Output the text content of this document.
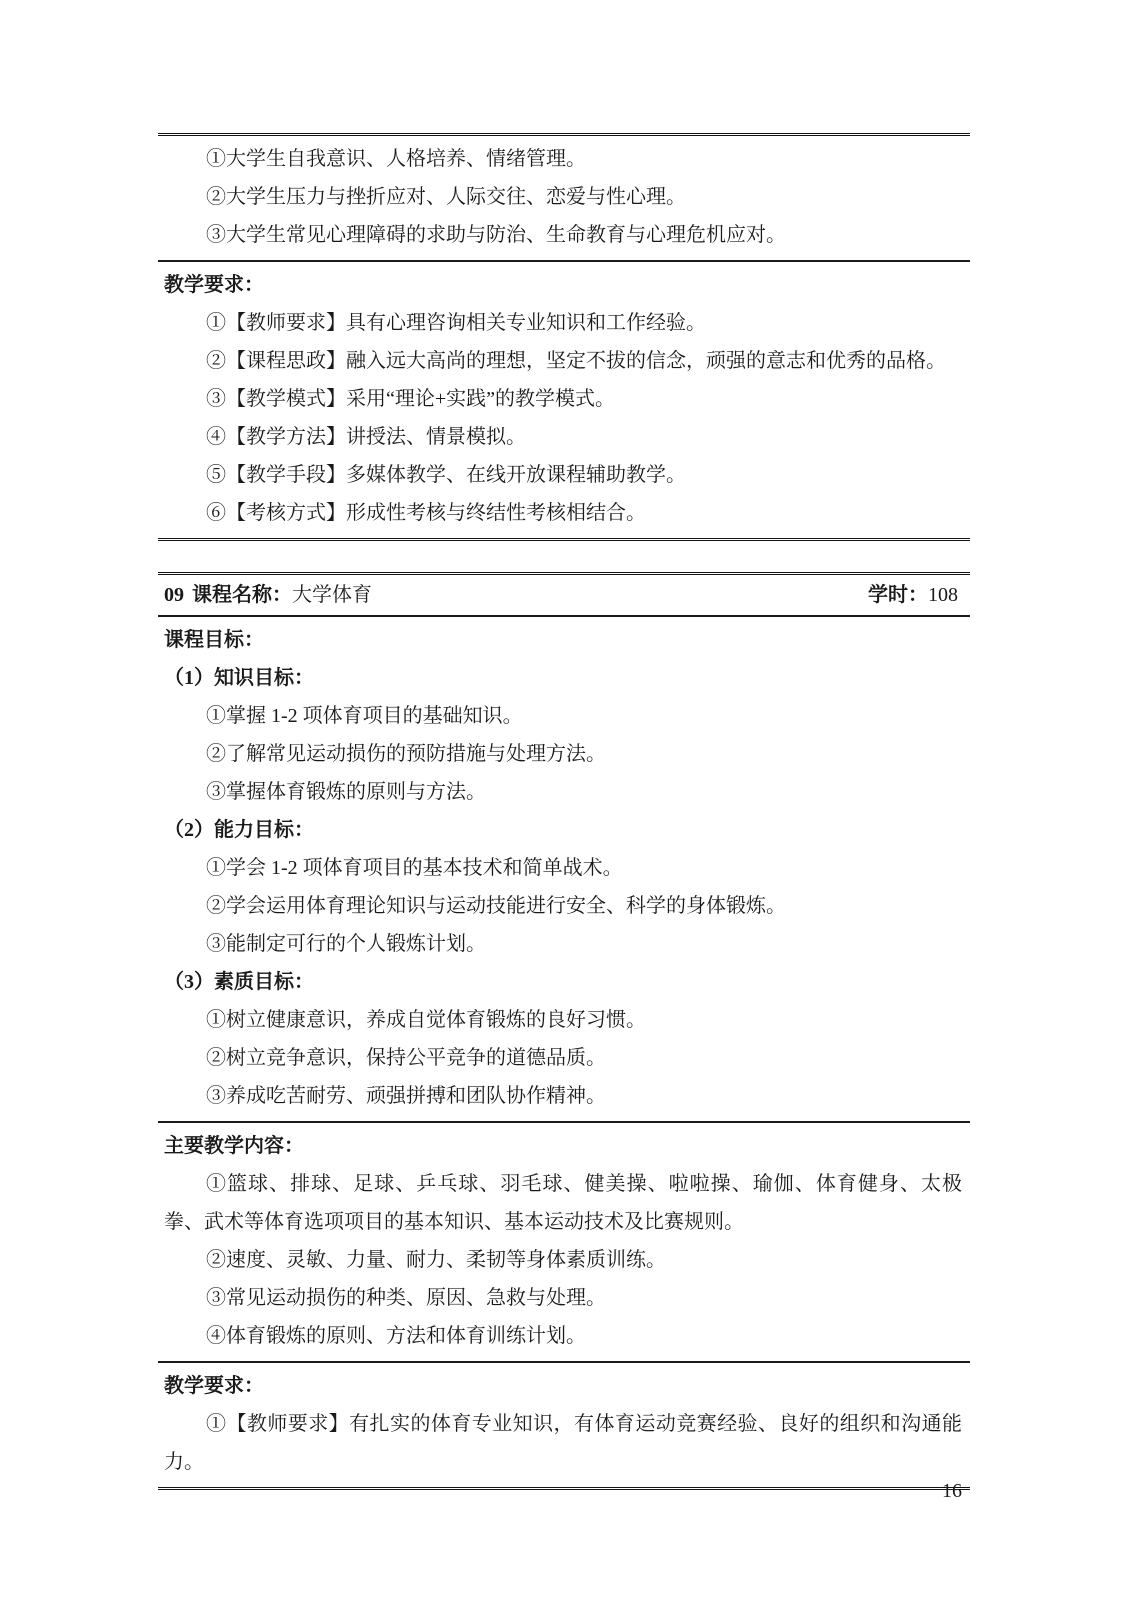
①大学生自我意识、人格培养、情绪管理。
②大学生压力与挫折应对、人际交往、恋爱与性心理。
③大学生常见心理障碍的求助与防治、生命教育与心理危机应对。
教学要求：
①【教师要求】具有心理咨询相关专业知识和工作经验。
②【课程思政】融入远大高尚的理想，坚定不拔的信念，顽强的意志和优秀的品格。
③【教学模式】采用“理论+实践”的教学模式。
④【教学方法】讲授法、情景模拟。
⑤【教学手段】多媒体教学、在线开放课程辅助教学。
⑥【考核方式】形成性考核与终结性考核相结合。
09 课程名称：大学体育	学时：108
课程目标：
（1）知识目标：
①掌握 1-2 项体育项目的基础知识。
②了解常见运动损伤的预防措施与处理方法。
③掌握体育锻炼的原则与方法。
（2）能力目标：
①学会 1-2 项体育项目的基本技术和简单战术。
②学会运用体育理论知识与运动技能进行安全、科学的身体锻炼。
③能制定可行的个人锻炼计划。
（3）素质目标：
①树立健康意识，养成自觉体育锻炼的良好习惯。
②树立竞争意识，保持公平竞争的道德品质。
③养成吃苦耐劳、顽强拼搏和团队协作精神。
主要教学内容：
①篮球、排球、足球、乒乓球、羽毛球、健美操、啦啦操、瑜伽、体育健身、太极拳、武术等体育选项项目的基本知识、基本运动技术及比赛规则。
②速度、灵敏、力量、耐力、柔韧等身体素质训练。
③常见运动损伤的种类、原因、急救与处理。
④体育锻炼的原则、方法和体育训练计划。
教学要求：
①【教师要求】有扎实的体育专业知识，有体育运动竞赛经验、良好的组织和沟通能力。
16
